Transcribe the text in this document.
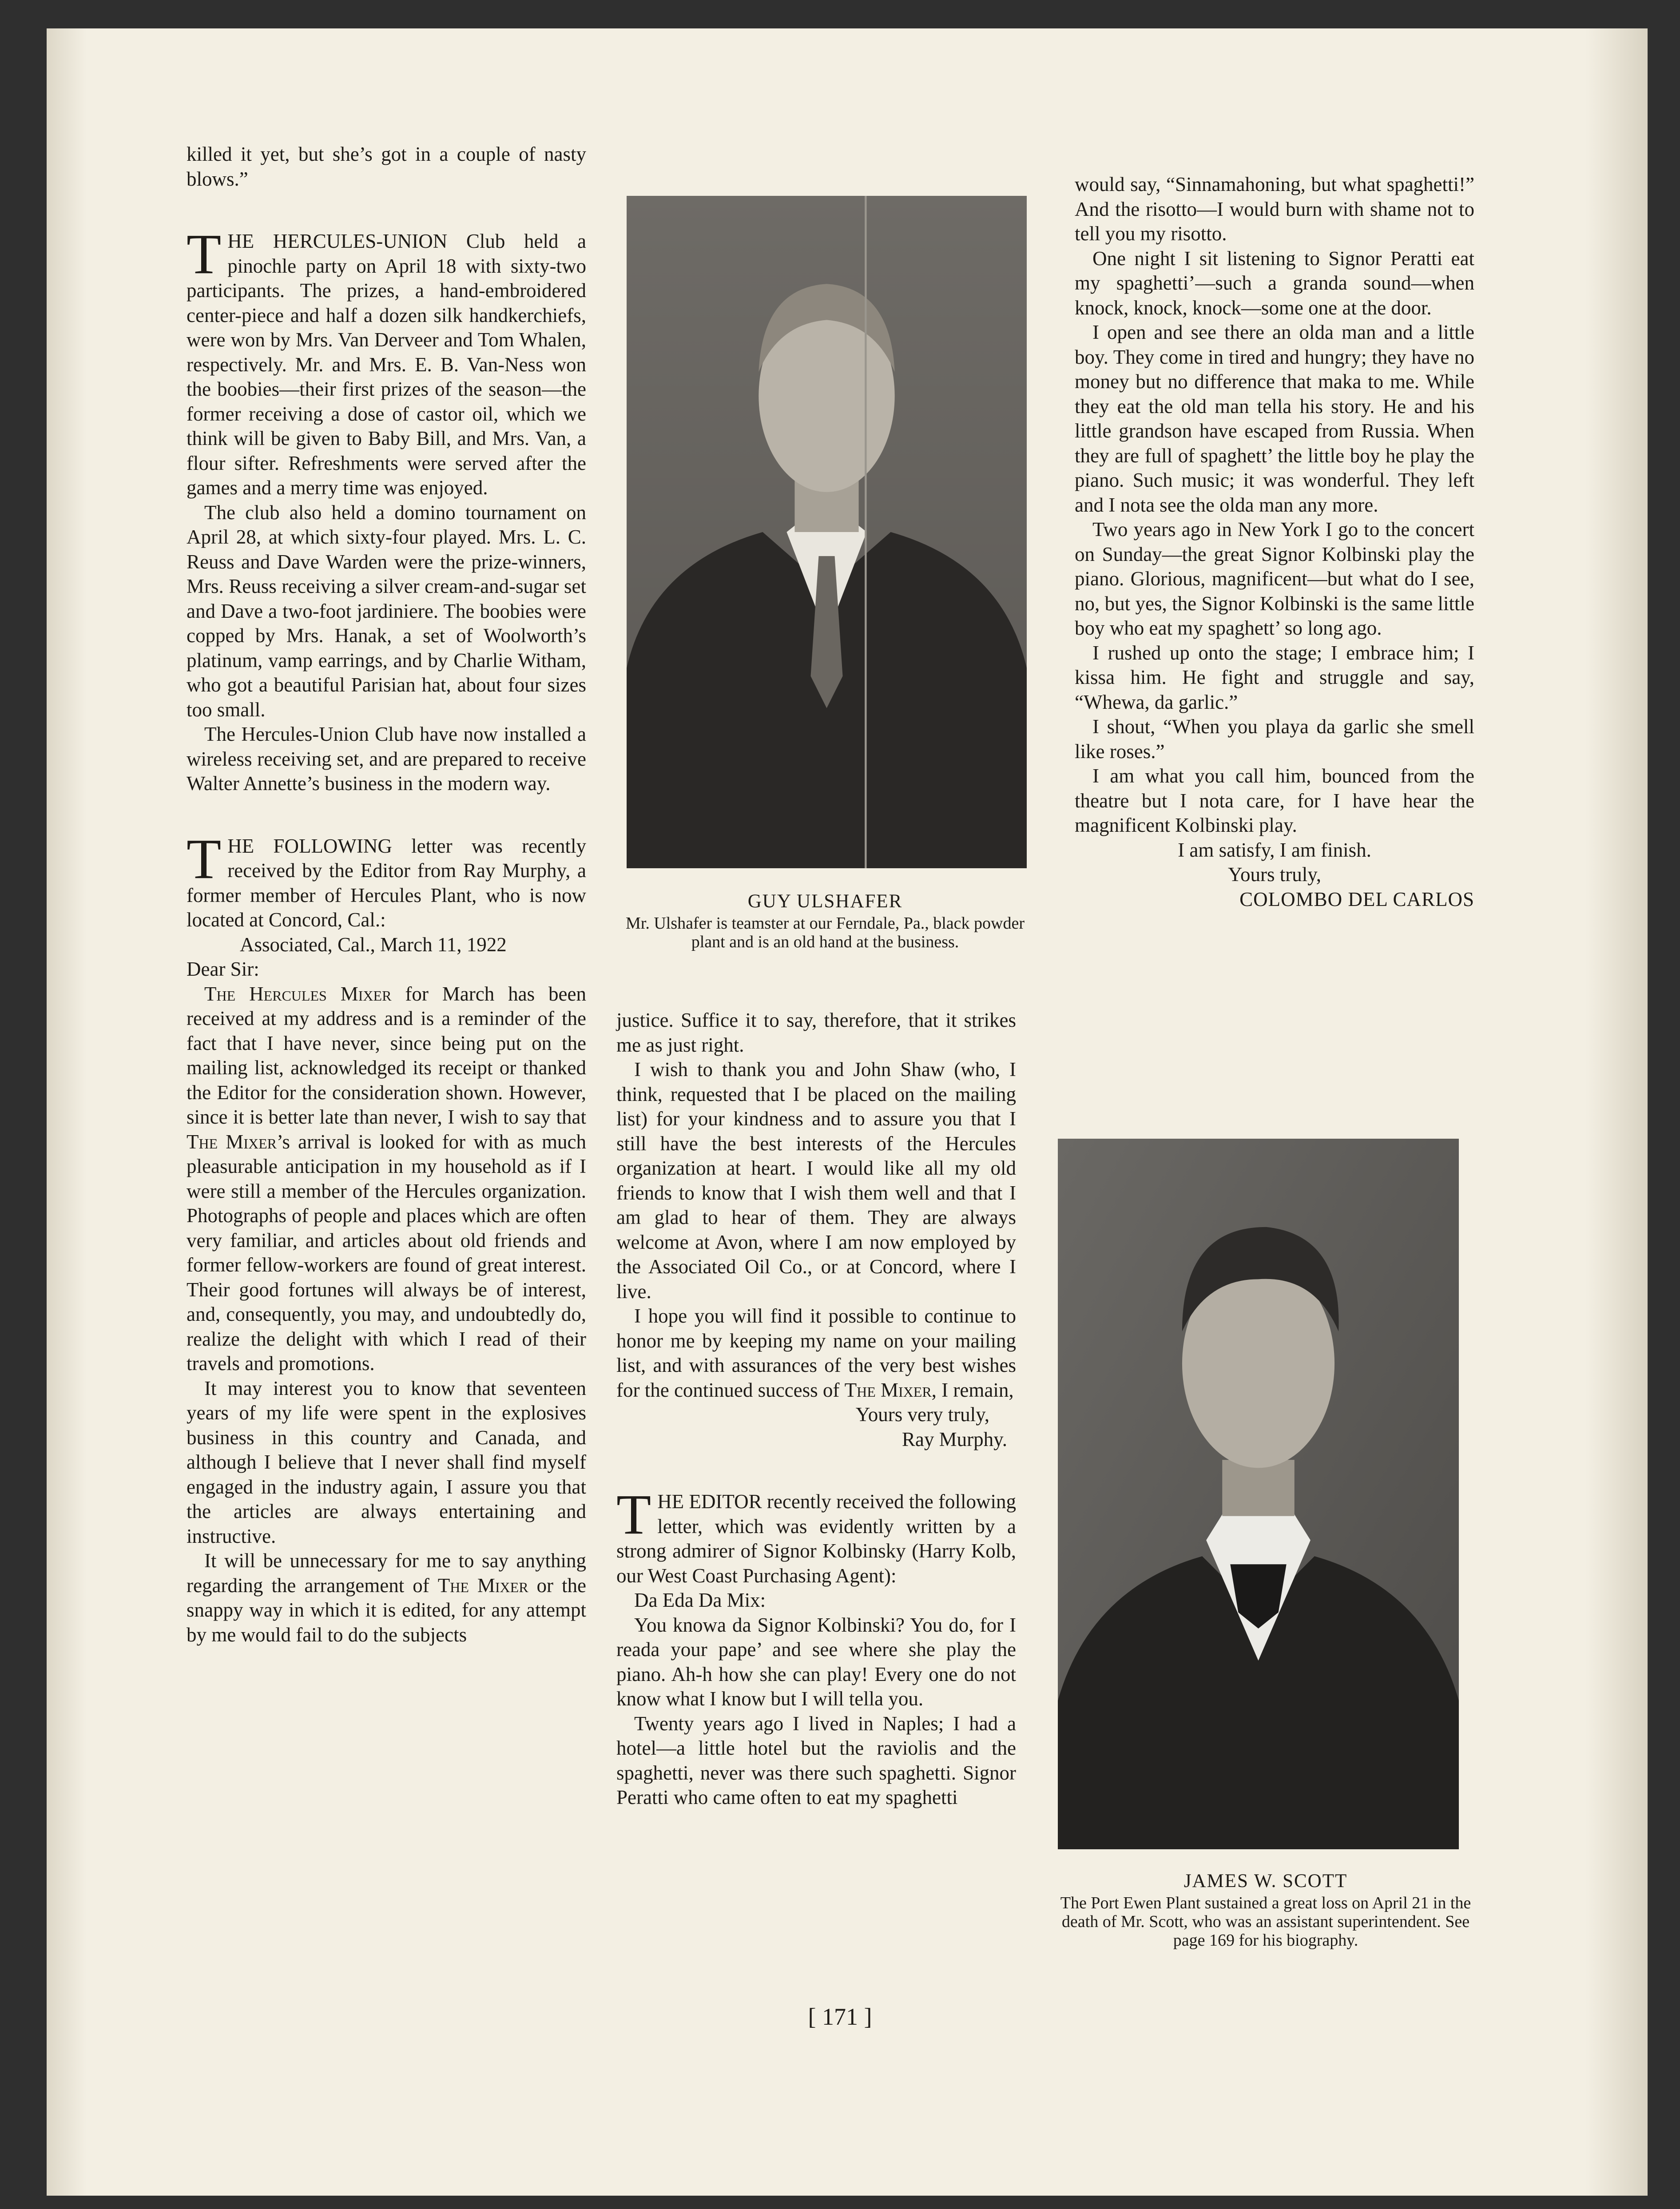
killed it yet, but she’s got in a couple of nasty blows.”

THE HERCULES-UNION Club held a pinochle party on April 18 with sixty-two participants. The prizes, a hand-embroidered center-piece and half a dozen silk handkerchiefs, were won by Mrs. Van Derveer and Tom Whalen, respectively. Mr. and Mrs. E. B. Van-Ness won the boobies—their first prizes of the season—the former receiving a dose of castor oil, which we think will be given to Baby Bill, and Mrs. Van, a flour sifter. Refreshments were served after the games and a merry time was enjoyed.

The club also held a domino tournament on April 28, at which sixty-four played. Mrs. L. C. Reuss and Dave Warden were the prize-winners, Mrs. Reuss receiving a silver cream-and-sugar set and Dave a two-foot jardiniere. The boobies were copped by Mrs. Hanak, a set of Woolworth’s platinum, vamp earrings, and by Charlie Witham, who got a beautiful Parisian hat, about four sizes too small.

The Hercules-Union Club have now installed a wireless receiving set, and are prepared to receive Walter Annette’s business in the modern way.

THE FOLLOWING letter was recently received by the Editor from Ray Murphy, a former member of Hercules Plant, who is now located at Concord, Cal.:

Associated, Cal., March 11, 1922

Dear Sir:

The Hercules Mixer for March has been received at my address and is a reminder of the fact that I have never, since being put on the mailing list, acknowledged its receipt or thanked the Editor for the consideration shown. However, since it is better late than never, I wish to say that The Mixer’s arrival is looked for with as much pleasurable anticipation in my household as if I were still a member of the Hercules organization. Photographs of people and places which are often very familiar, and articles about old friends and former fellow-workers are found of great interest. Their good fortunes will always be of interest, and, consequently, you may, and undoubtedly do, realize the delight with which I read of their travels and promotions.

It may interest you to know that seventeen years of my life were spent in the explosives business in this country and Canada, and although I believe that I never shall find myself engaged in the industry again, I assure you that the articles are always entertaining and instructive.

It will be unnecessary for me to say anything regarding the arrangement of The Mixer or the snappy way in which it is edited, for any attempt by me would fail to do the subjects

GUY ULSHAFER
Mr. Ulshafer is teamster at our Ferndale, Pa., black powder plant and is an old hand at the business.

justice. Suffice it to say, therefore, that it strikes me as just right.

I wish to thank you and John Shaw (who, I think, requested that I be placed on the mailing list) for your kindness and to assure you that I still have the best interests of the Hercules organization at heart. I would like all my old friends to know that I wish them well and that I am glad to hear of them. They are always welcome at Avon, where I am now employed by the Associated Oil Co., or at Concord, where I live.

I hope you will find it possible to continue to honor me by keeping my name on your mailing list, and with assurances of the very best wishes for the continued success of The Mixer, I remain,

Yours very truly,

Ray Murphy.

THE EDITOR recently received the following letter, which was evidently written by a strong admirer of Signor Kolbinsky (Harry Kolb, our West Coast Purchasing Agent):

Da Eda Da Mix:

You knowa da Signor Kolbinski? You do, for I reada your pape’ and see where she play the piano. Ah-h how she can play! Every one do not know what I know but I will tella you.

Twenty years ago I lived in Naples; I had a hotel—a little hotel but the raviolis and the spaghetti, never was there such spaghetti. Signor Peratti who came often to eat my spaghetti

would say, “Sinnamahoning, but what spaghetti!” And the risotto—I would burn with shame not to tell you my risotto.

One night I sit listening to Signor Peratti eat my spaghetti’—such a granda sound—when knock, knock, knock—some one at the door.

I open and see there an olda man and a little boy. They come in tired and hungry; they have no money but no difference that maka to me. While they eat the old man tella his story. He and his little grandson have escaped from Russia. When they are full of spaghett’ the little boy he play the piano. Such music; it was wonderful. They left and I nota see the olda man any more.

Two years ago in New York I go to the concert on Sunday—the great Signor Kolbinski play the piano. Glorious, magnificent—but what do I see, no, but yes, the Signor Kolbinski is the same little boy who eat my spaghett’ so long ago.

I rushed up onto the stage; I embrace him; I kissa him. He fight and struggle and say, “Whewa, da garlic.”

I shout, “When you playa da garlic she smell like roses.”

I am what you call him, bounced from the theatre but I nota care, for I have hear the magnificent Kolbinski play.

I am satisfy, I am finish.

Yours truly,

COLOMBO DEL CARLOS

JAMES W. SCOTT
The Port Ewen Plant sustained a great loss on April 21 in the death of Mr. Scott, who was an assistant superintendent. See page 169 for his biography.
[ 171 ]
